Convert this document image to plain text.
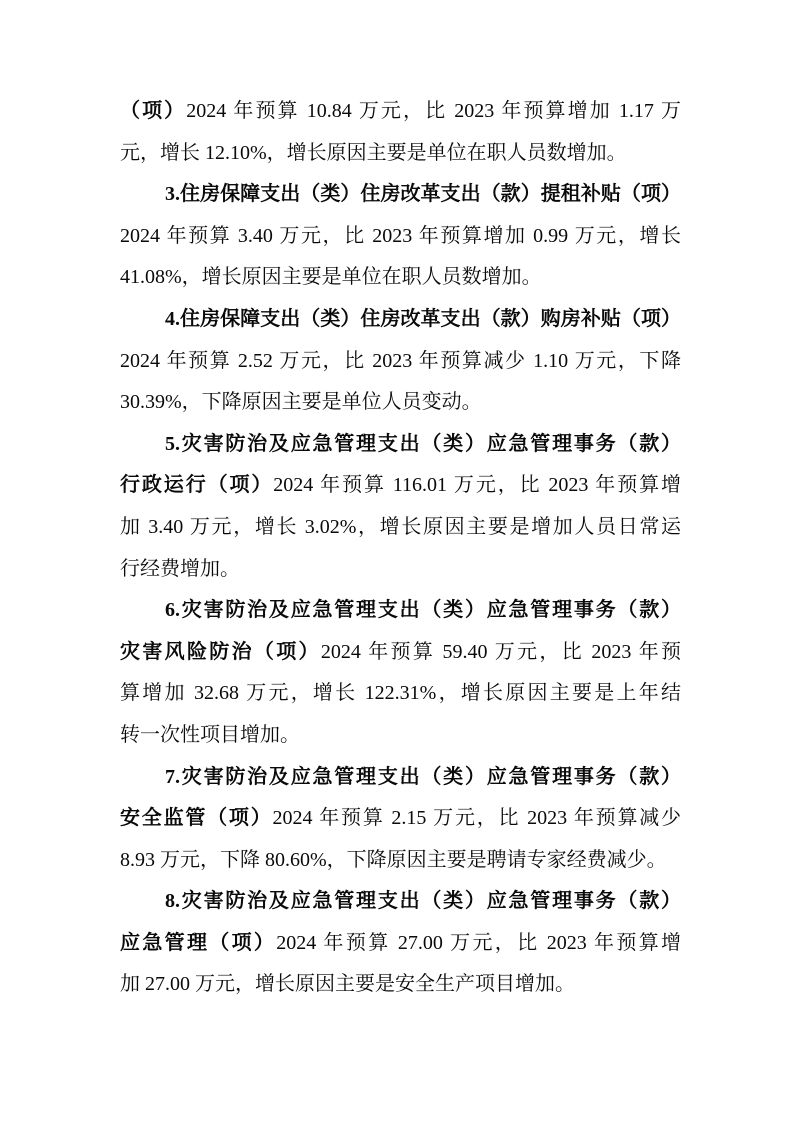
（项）2024 年预算 10.84 万元，比 2023 年预算增加 1.17 万
元，增长 12.10%，增长原因主要是单位在职人员数增加。
3.住房保障支出（类）住房改革支出（款）提租补贴（项）
2024 年预算 3.40 万元，比 2023 年预算增加 0.99 万元，增长
41.08%，增长原因主要是单位在职人员数增加。
4.住房保障支出（类）住房改革支出（款）购房补贴（项）
2024 年预算 2.52 万元，比 2023 年预算减少 1.10 万元，下降
30.39%，下降原因主要是单位人员变动。
5.灾害防治及应急管理支出（类）应急管理事务（款）
行政运行（项）2024 年预算 116.01 万元，比 2023 年预算增
加 3.40 万元，增长 3.02%，增长原因主要是增加人员日常运
行经费增加。
6.灾害防治及应急管理支出（类）应急管理事务（款）
灾害风险防治（项）2024 年预算 59.40 万元，比 2023 年预
算增加 32.68 万元，增长 122.31%，增长原因主要是上年结
转一次性项目增加。
7.灾害防治及应急管理支出（类）应急管理事务（款）
安全监管（项）2024 年预算 2.15 万元，比 2023 年预算减少
8.93 万元，下降 80.60%，下降原因主要是聘请专家经费减少。
8.灾害防治及应急管理支出（类）应急管理事务（款）
应急管理（项）2024 年预算 27.00 万元，比 2023 年预算增
加 27.00 万元，增长原因主要是安全生产项目增加。
